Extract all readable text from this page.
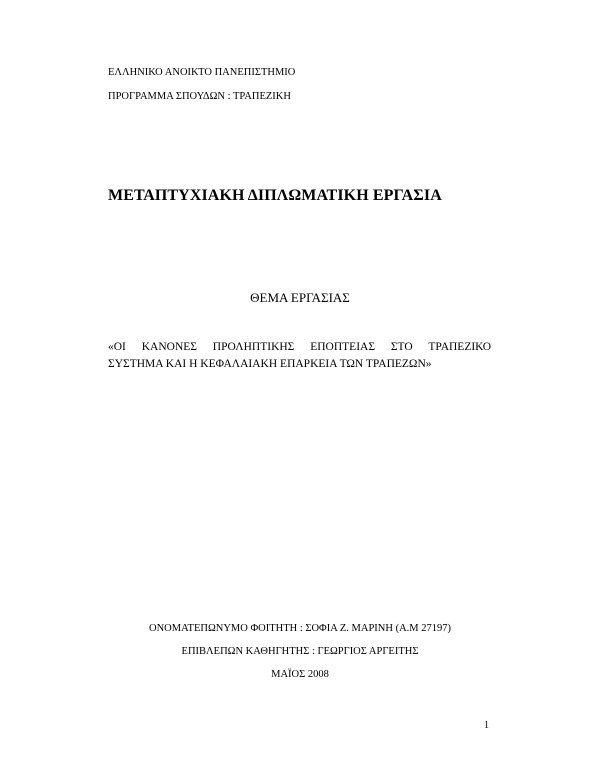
ΕΛΛΗΝΙΚΟ ΑΝΟΙΚΤΟ ΠΑΝΕΠΙΣΤΗΜΙΟ
ΠΡΟΓΡΑΜΜΑ ΣΠΟΥΔΩΝ : ΤΡΑΠΕΖΙΚΗ
ΜΕΤΑΠΤΥΧΙΑΚΗ ΔΙΠΛΩΜΑΤΙΚΗ ΕΡΓΑΣΙΑ
ΘΕΜΑ ΕΡΓΑΣΙΑΣ
«ΟΙ ΚΑΝΟΝΕΣ ΠΡΟΛΗΠΤΙΚΗΣ ΕΠΟΠΤΕΙΑΣ ΣΤΟ ΤΡΑΠΕΖΙΚΟ
ΣΥΣΤΗΜΑ ΚΑΙ Η ΚΕΦΑΛΑΙΑΚΗ ΕΠΑΡΚΕΙΑ ΤΩΝ ΤΡΑΠΕΖΩΝ»
ΟΝΟΜΑΤΕΠΩΝΥΜΟ ΦΟΙΤΗΤΗ : ΣΟΦΙΑ Ζ. ΜΑΡΙΝΗ (Α.Μ 27197)
ΕΠΙΒΛΕΠΩΝ ΚΑΘΗΓΗΤΗΣ : ΓΕΩΡΓΙΟΣ ΑΡΓΕΙΤΗΣ
ΜΑΪΟΣ 2008
1
